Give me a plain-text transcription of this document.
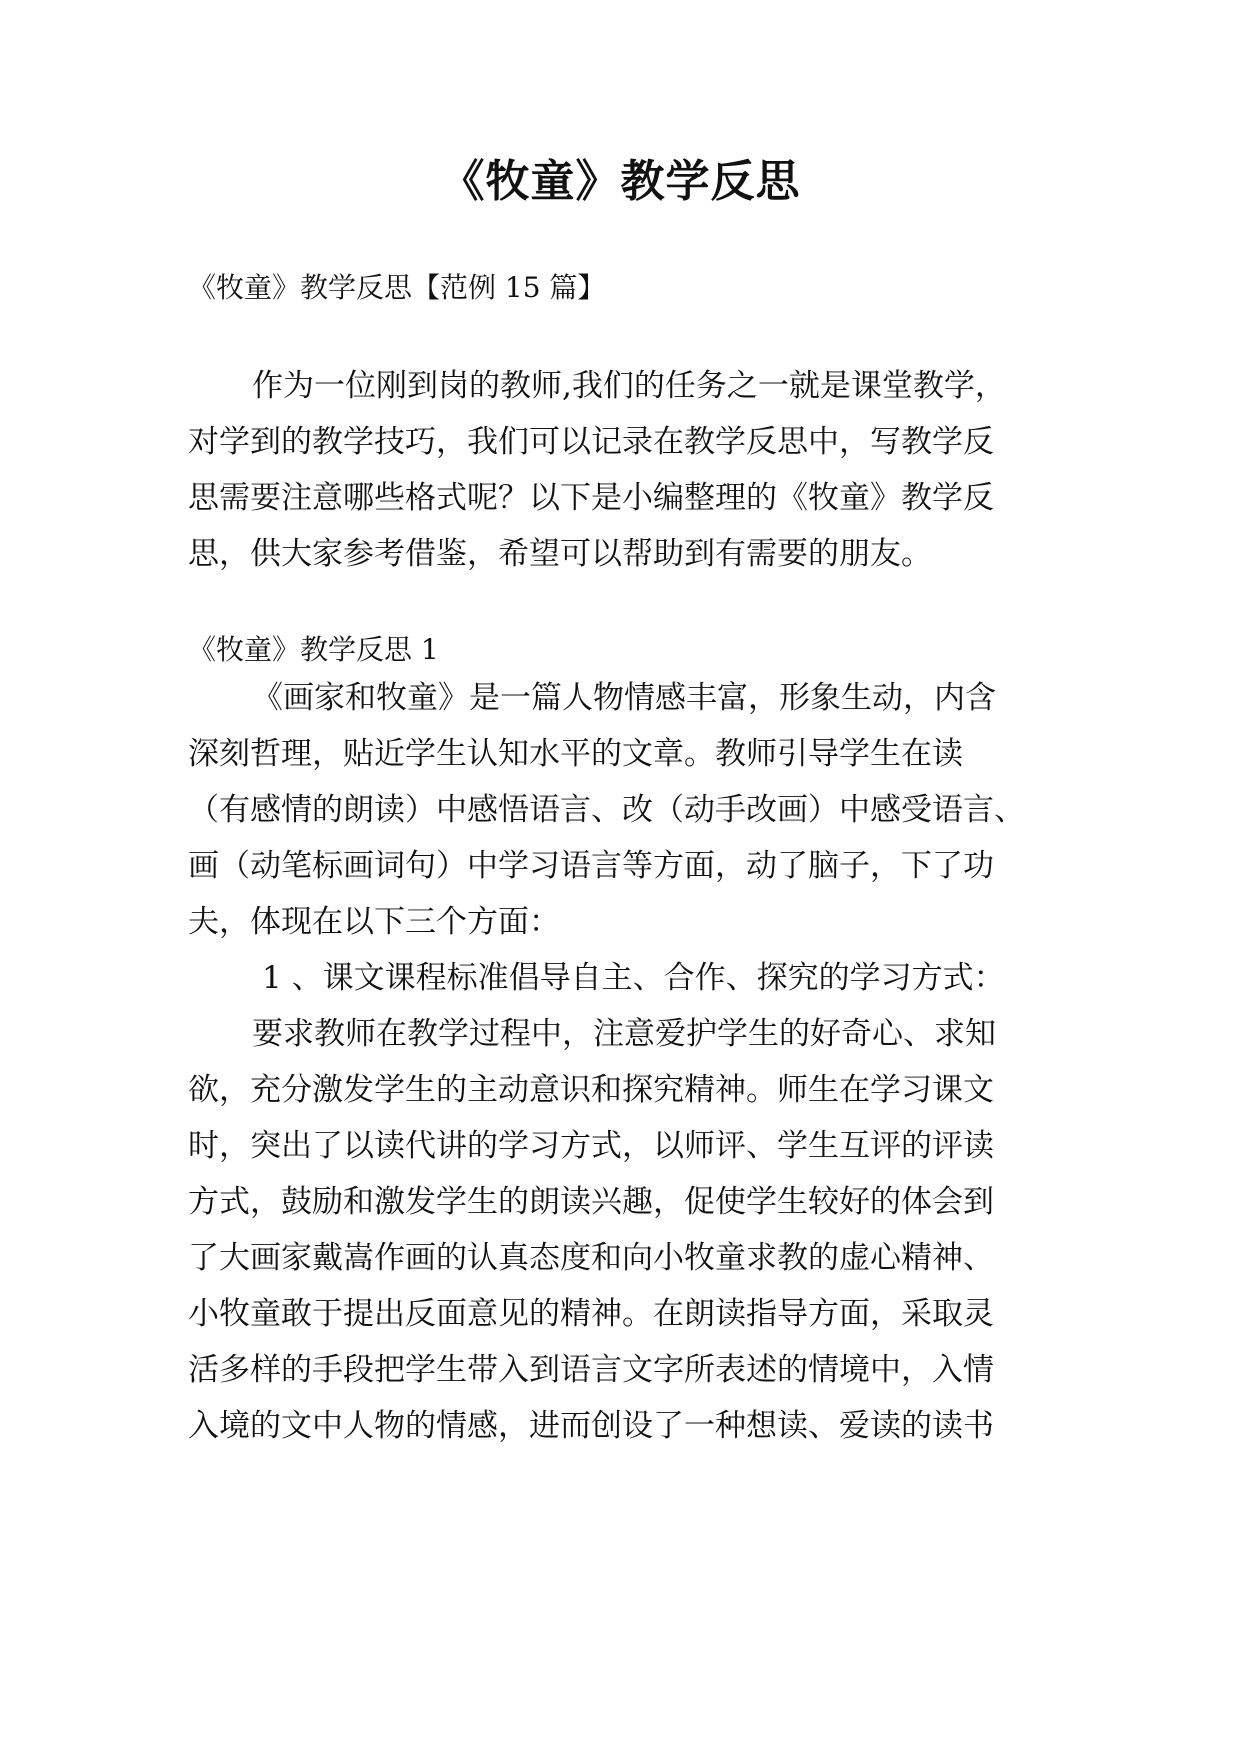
《牧童》教学反思
《牧童》教学反思【范例 15 篇】
作为一位刚到岗的教师,我们的任务之一就是课堂教学，
对学到的教学技巧，我们可以记录在教学反思中，写教学反
思需要注意哪些格式呢？以下是小编整理的《牧童》教学反
思，供大家参考借鉴，希望可以帮助到有需要的朋友。
《牧童》教学反思 1
《画家和牧童》是一篇人物情感丰富，形象生动，内含
深刻哲理，贴近学生认知水平的文章。教师引导学生在读
（有感情的朗读）中感悟语言、改（动手改画）中感受语言、
画（动笔标画词句）中学习语言等方面，动了脑子，下了功
夫，体现在以下三个方面：
1 、课文课程标准倡导自主、合作、探究的学习方式：
要求教师在教学过程中，注意爱护学生的好奇心、求知
欲，充分激发学生的主动意识和探究精神。师生在学习课文
时，突出了以读代讲的学习方式，以师评、学生互评的评读
方式，鼓励和激发学生的朗读兴趣，促使学生较好的体会到
了大画家戴嵩作画的认真态度和向小牧童求教的虚心精神、
小牧童敢于提出反面意见的精神。在朗读指导方面，采取灵
活多样的手段把学生带入到语言文字所表述的情境中，入情
入境的文中人物的情感，进而创设了一种想读、爱读的读书
